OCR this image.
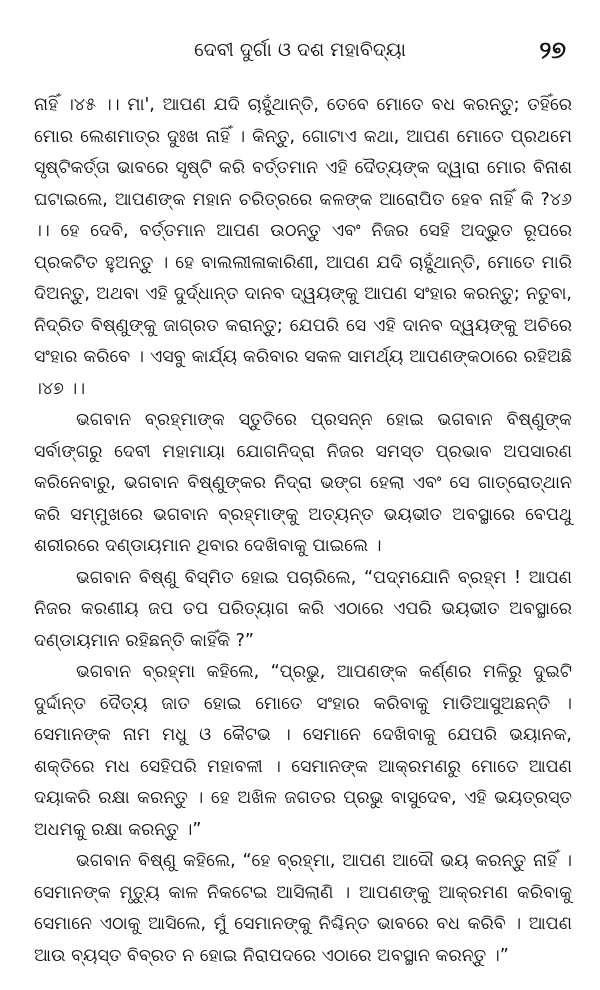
ଦେବୀ ଦୁର୍ଗା ଓ ଦଶ ମହାବିଦ୍ୟା	୨୭

ନାହିଁ ।୪୫ ।। ମା', ଆପଣ ଯଦି ଚାହୁଁଥାନ୍ତି, ତେବେ ମୋତେ ବଧ କରନ୍ତୁ; ତହିଁରେ ମୋର ଲେଶମାତ୍ର ଦୁଃଖ ନାହିଁ । କିନ୍ତୁ, ଗୋଟାଏ କଥା, ଆପଣ ମୋତେ ପ୍ରଥମେ ସୃଷ୍ଟିକର୍ତ୍ତା ଭାବରେ ସୃଷ୍ଟି କରି ବର୍ତ୍ତମାନ ଏହି ଦୈତ୍ୟଙ୍କ ଦ୍ୱାରା ମୋର ବିନାଶ ଘଟାଇଲେ, ଆପଣଙ୍କ ମହାନ ଚରିତ୍ରରେ କଳଙ୍କ ଆରୋପିତ ହେବ ନାହିଁ କି ?୪୬ ।। ହେ ଦେବି, ବର୍ତ୍ତମାନ ଆପଣ ଉଠନ୍ତୁ ଏବଂ ନିଜର ସେହି ଅଦ୍ଭୁତ ରୂପରେ ପ୍ରକଟିତ ହୁଅନ୍ତୁ । ହେ ବାଲଲୀଳାକାରିଣୀ, ଆପଣ ଯଦି ଚାହୁଁଥାନ୍ତି, ମୋତେ ମାରି ଦିଅନ୍ତୁ, ଅଥବା ଏହି ଦୁର୍ଦ୍ଧାନ୍ତ ଦାନବ ଦ୍ୱୟଙ୍କୁ ଆପଣ ସଂହାର କରନ୍ତୁ; ନତୁବା, ନିଦ୍ରିତ ବିଷ୍ଣୁଙ୍କୁ ଜାଗ୍ରତ କରାନ୍ତୁ; ଯେପରି ସେ ଏହି ଦାନବ ଦ୍ୱୟଙ୍କୁ ଅଚିରେ ସଂହାର କରିବେ । ଏସବୁ କାର୍ଯ୍ୟ କରିବାର ସକଳ ସାମର୍ଥ୍ୟ ଆପଣଙ୍କଠାରେ ରହିଅଛି ।୪୭ ।।

ଭଗବାନ ବ୍ରହ୍ମାଙ୍କ ସ୍ତୁତିରେ ପ୍ରସନ୍ନ ହୋଇ ଭଗବାନ ବିଷ୍ଣୁଙ୍କ ସର୍ବାଙ୍ଗରୁ ଦେବୀ ମହାମାୟା ଯୋଗନିଦ୍ରା ନିଜର ସମସ୍ତ ପ୍ରଭାବ ଅପସାରଣ କରିନେବାରୁ, ଭଗବାନ ବିଷ୍ଣୁଙ୍କର ନିଦ୍ରା ଭଙ୍ଗ ହେଲା ଏବଂ ସେ ଗାତ୍ରୋତ୍‌ଥାନ କରି ସମ୍ମୁଖରେ ଭଗବାନ ବ୍ରହ୍ମାଙ୍କୁ ଅତ୍ୟନ୍ତ ଭୟଭୀତ ଅବସ୍ଥାରେ ବେପଥୁ ଶରୀରରେ ଦଣ୍ଡାୟମାନ ଥିବାର ଦେଖିବାକୁ ପାଇଲେ ।

ଭଗବାନ ବିଷ୍ଣୁ ବିସ୍ମିତ ହୋଇ ପଚାରିଲେ, “ପଦ୍ମଯୋନି ବ୍ରହ୍ମ ! ଆପଣ ନିଜର କରଣୀୟ ଜପ ତପ ପରିତ୍ୟାଗ କରି ଏଠାରେ ଏପରି ଭୟଭୀତ ଅବସ୍ଥାରେ ଦଣ୍ଡାୟମାନ ରହିଛନ୍ତି କାହିଁକି ?”

ଭଗବାନ ବ୍ରହ୍ମା କହିଲେ, “ପ୍ରଭୁ, ଆପଣଙ୍କ କର୍ଣ୍ଣର ମଳିରୁ ଦୁଇଟି ଦୁର୍ଦ୍ଦାନ୍ତ ଦୈତ୍ୟ ଜାତ ହୋଇ ମୋତେ ସଂହାର କରିବାକୁ ମାଡିଆସୁଅଛନ୍ତି । ସେମାନଙ୍କ ନାମ ମଧୁ ଓ କୈଟଭ । ସେମାନେ ଦେଖିବାକୁ ଯେପରି ଭୟାନକ, ଶକ୍ତିରେ ମଧ ସେହିପରି ମହାବଳୀ । ସେମାନଙ୍କ ଆକ୍ରମଣରୁ ମୋତେ ଆପଣ ଦୟାକରି ରକ୍ଷା କରନ୍ତୁ । ହେ ଅଖିଳ ଜଗତର ପ୍ରଭୁ ବାସୁଦେବ, ଏହି ଭୟତ୍ରସ୍ତ ଅଧମକୁ ରକ୍ଷା କରନ୍ତୁ ।”

ଭଗବାନ ବିଷ୍ଣୁ କହିଲେ, “ହେ ବ୍ରହ୍ମା, ଆପଣ ଆଦୌ ଭୟ କରନ୍ତୁ ନାହିଁ । ସେମାନଙ୍କ ମୃତ୍ୟୁ କାଳ ନିକଟେଇ ଆସିଲାଣି । ଆପଣଙ୍କୁ ଆକ୍ରମଣ କରିବାକୁ ସେମାନେ ଏଠାକୁ ଆସିଲେ, ମୁଁ ସେମାନଙ୍କୁ ନିଶ୍ଚିନ୍ତ ଭାବରେ ବଧ କରିବି । ଆପଣ ଆଉ ବ୍ୟସ୍ତ ବିବ୍ରତ ନ ହୋଇ ନିରାପଦରେ ଏଠାରେ ଅବସ୍ଥାନ କରନ୍ତୁ ।”
